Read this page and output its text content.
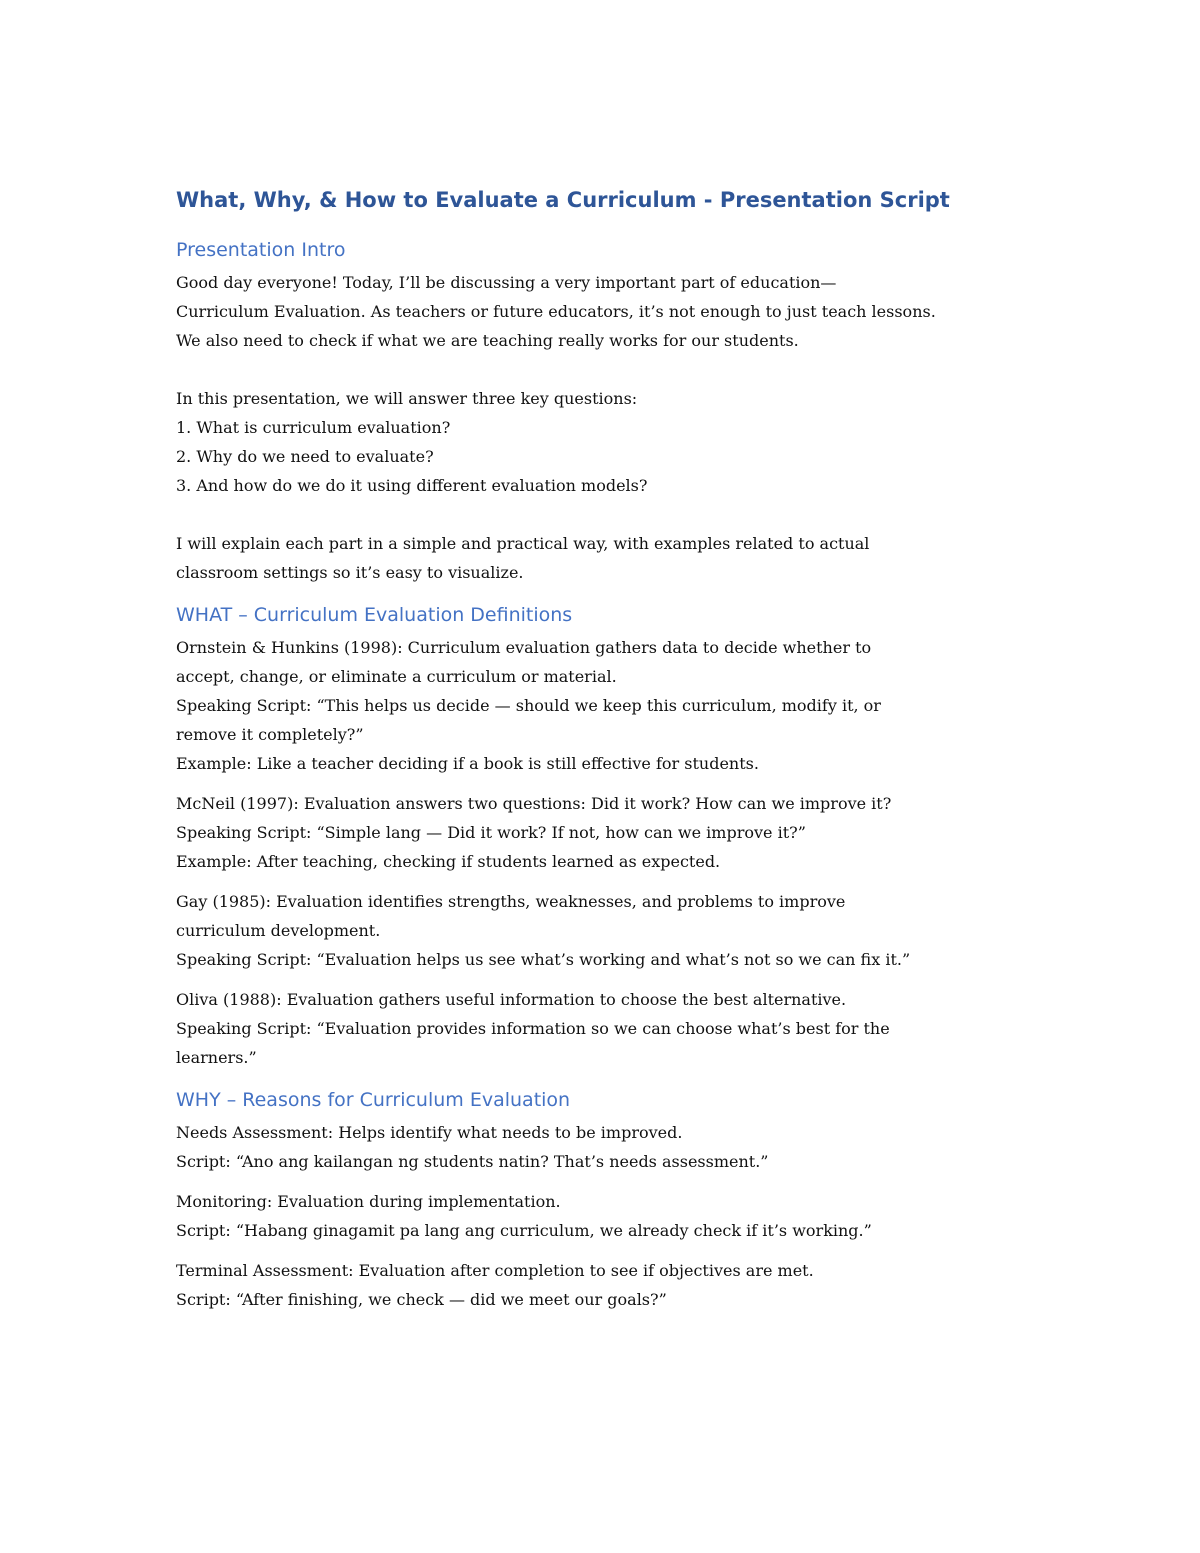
What, Why, & How to Evaluate a Curriculum - Presentation Script
Presentation Intro

Good day everyone! Today, I’ll be discussing a very important part of education—
Curriculum Evaluation. As teachers or future educators, it’s not enough to just teach lessons.
We also need to check if what we are teaching really works for our students.

In this presentation, we will answer three key questions:
1. What is curriculum evaluation?
2. Why do we need to evaluate?
3. And how do we do it using different evaluation models?

I will explain each part in a simple and practical way, with examples related to actual
classroom settings so it’s easy to visualize.

WHAT – Curriculum Evaluation Definitions

Ornstein & Hunkins (1998): Curriculum evaluation gathers data to decide whether to
accept, change, or eliminate a curriculum or material.
Speaking Script: “This helps us decide — should we keep this curriculum, modify it, or
remove it completely?”
Example: Like a teacher deciding if a book is still effective for students.

McNeil (1997): Evaluation answers two questions: Did it work? How can we improve it?
Speaking Script: “Simple lang — Did it work? If not, how can we improve it?”
Example: After teaching, checking if students learned as expected.

Gay (1985): Evaluation identifies strengths, weaknesses, and problems to improve
curriculum development.
Speaking Script: “Evaluation helps us see what’s working and what’s not so we can fix it.”

Oliva (1988): Evaluation gathers useful information to choose the best alternative.
Speaking Script: “Evaluation provides information so we can choose what’s best for the
learners.”

WHY – Reasons for Curriculum Evaluation

Needs Assessment: Helps identify what needs to be improved.
Script: “Ano ang kailangan ng students natin? That’s needs assessment.”

Monitoring: Evaluation during implementation.
Script: “Habang ginagamit pa lang ang curriculum, we already check if it’s working.”

Terminal Assessment: Evaluation after completion to see if objectives are met.
Script: “After finishing, we check — did we meet our goals?”
